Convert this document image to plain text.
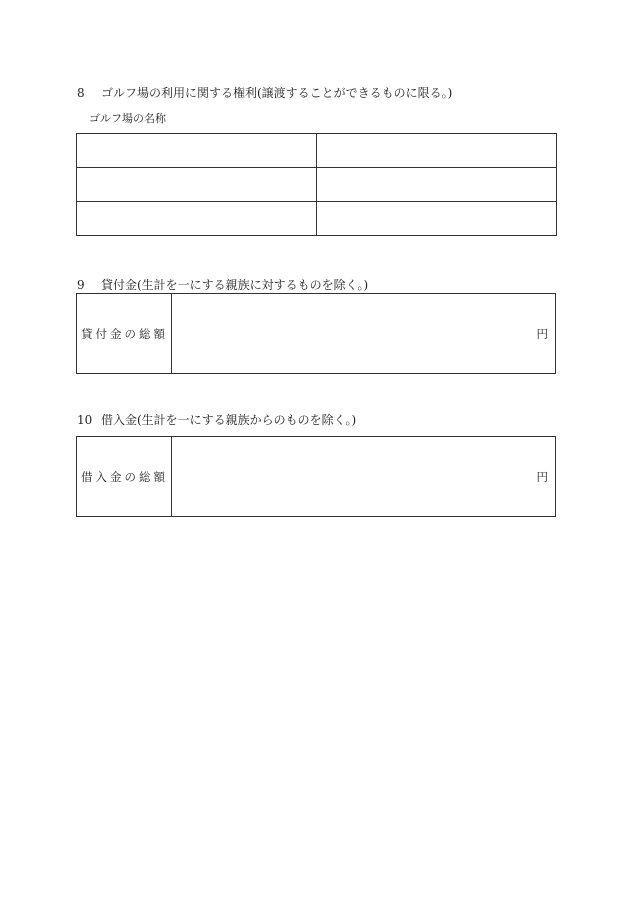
8 ゴルフ場の利用に関する権利(譲渡することができるものに限る。)
ゴルフ場の名称

9 貸付金(生計を一にする親族に対するものを除く。)
貸付金の総額	円
10 借入金(生計を一にする親族からのものを除く。)
借入金の総額	円
